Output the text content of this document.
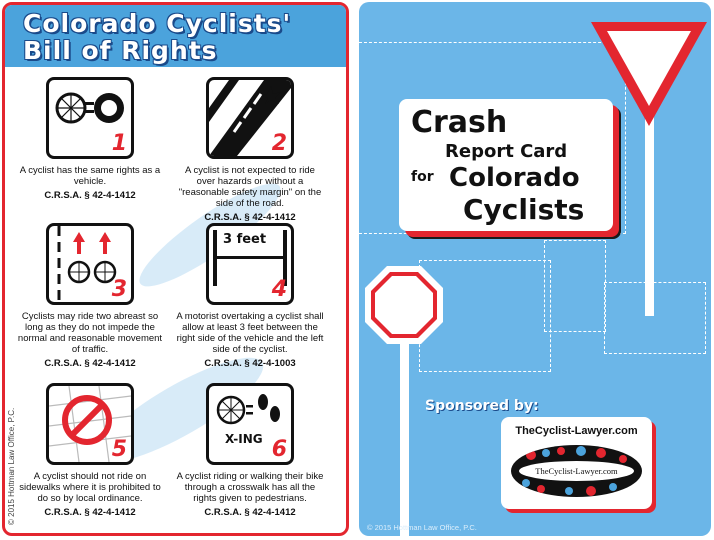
Colorado Cyclists'
Bill of Rights
1
A cyclist has the same rights as a vehicle.
C.R.S.A. § 42-4-1412
2
A cyclist is not expected to ride over hazards or without a "reasonable safety margin" on the side of the road.
C.R.S.A. § 42-4-1412
3
Cyclists may ride two abreast so long as they do not impede the normal and reasonable movement of traffic.
C.R.S.A. § 42-4-1412
3 feet
4
A motorist overtaking a cyclist shall allow at least 3 feet between the right side of the vehicle and the left side of the cyclist.
C.R.S.A. § 42-4-1003
5
A cyclist should not ride on sidewalks where it is prohibited to do so by local ordinance.
C.R.S.A. § 42-4-1412
X-ING 6
A cyclist riding or walking their bike through a crosswalk has all the rights given to pedestrians.
C.R.S.A. § 42-4-1412
© 2015 Hottman Law Office, P.C.
Crash
Report Card
for Colorado
Cyclists
Sponsored by:
TheCyclist-Lawyer.com
TheCyclist-Lawyer.com
© 2015 Hottman Law Office, P.C.
